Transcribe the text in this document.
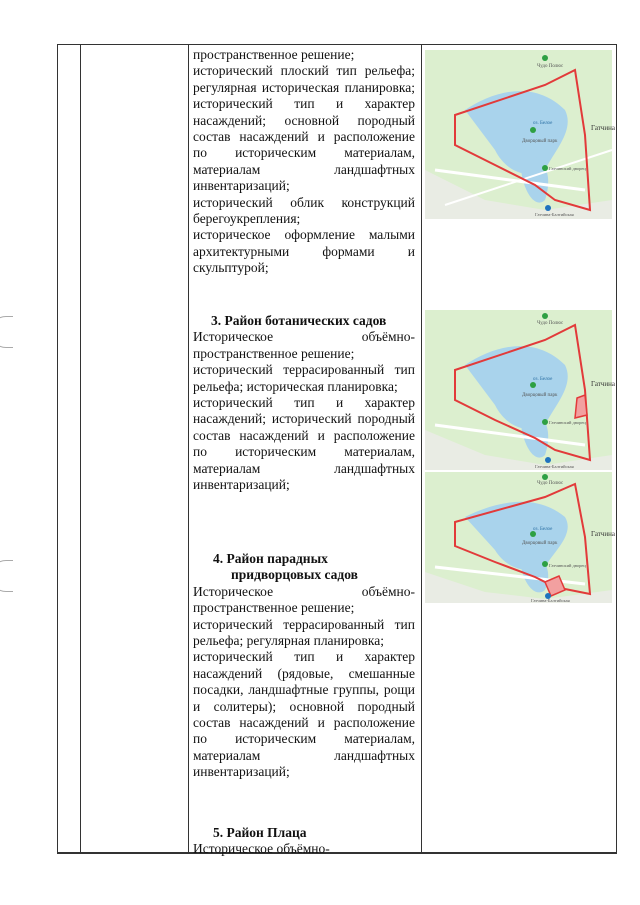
пространственное решение;

исторический плоский тип рельефа; регулярная историческая планировка; исторический тип и характер насаждений; основной породный состав насаждений и расположение по историческим материалам, материалам ландшафтных инвентаризаций;

исторический облик конструкций берегоукрепления;

историческое оформление малыми архитектурными формами и скульптурой;

3. Район ботанических садов

Историческое объёмно-пространственное решение;

исторический террасированный тип рельефа; историческая планировка;

исторический тип и характер насаждений; исторический породный состав насаждений и расположение по историческим материалам, материалам ландшафтных инвентаризаций;

4. Район парадных

придворцовых садов

Историческое объёмно-пространственное решение;

исторический террасированный тип рельефа; регулярная планировка;

исторический тип и характер насаждений (рядовые, смешанные посадки, ландшафтные группы, рощи и солитеры); основной породный состав насаждений и расположение по историческим материалам, материалам ландшафтных инвентаризаций;

5. Район Плаца

Историческое объёмно-

Чудо Полюс
оз. Белое
Дворцовый парк
Гатчинский дворец
Гатчина-Балтийская
Гатчина
Чудо Полюс
оз. Белое
Дворцовый парк
Гатчинский дворец
Гатчина-Балтийская
Гатчина
Чудо Полюс
оз. Белое
Дворцовый парк
Гатчинский дворец
Гатчина-Балтийская
Гатчина
